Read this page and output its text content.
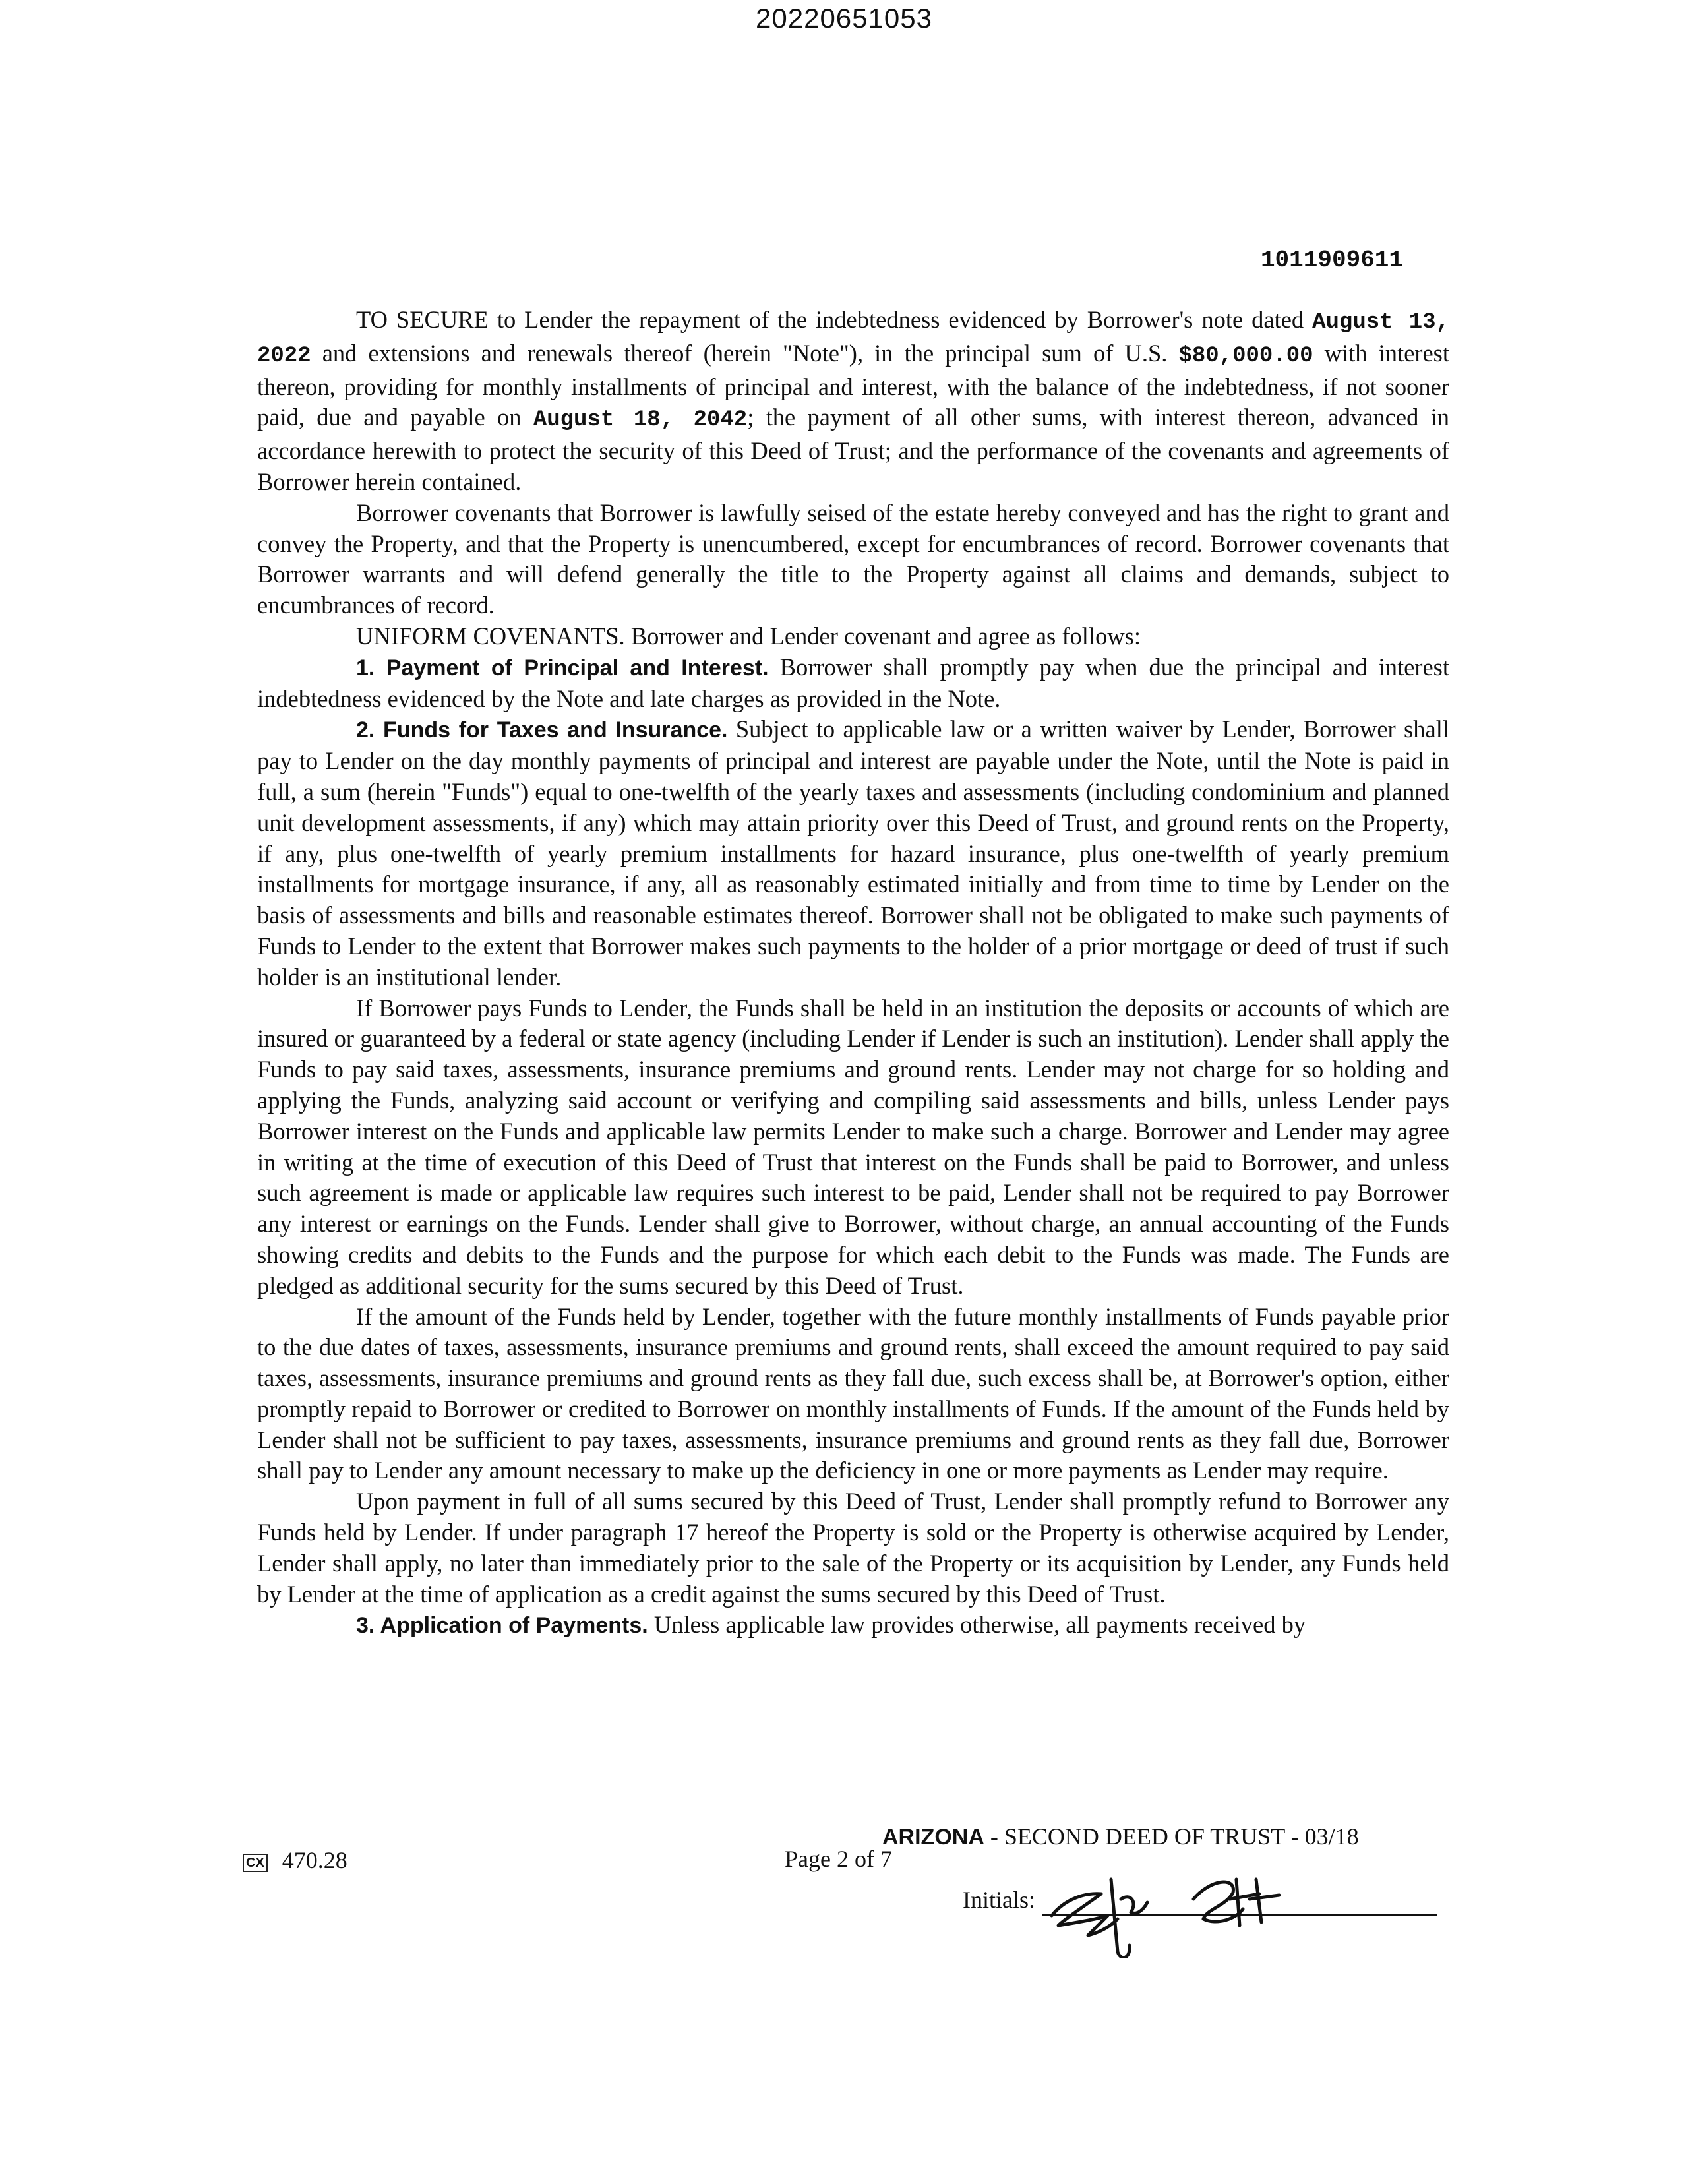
20220651053
1011909611

TO SECURE to Lender the repayment of the indebtedness evidenced by Borrower's note dated August 13, 2022 and extensions and renewals thereof (herein "Note"), in the principal sum of U.S. $80,000.00 with interest thereon, providing for monthly installments of principal and interest, with the balance of the indebtedness, if not sooner paid, due and payable on August 18, 2042; the payment of all other sums, with interest thereon, advanced in accordance herewith to protect the security of this Deed of Trust; and the performance of the covenants and agreements of Borrower herein contained.

Borrower covenants that Borrower is lawfully seised of the estate hereby conveyed and has the right to grant and convey the Property, and that the Property is unencumbered, except for encumbrances of record. Borrower covenants that Borrower warrants and will defend generally the title to the Property against all claims and demands, subject to encumbrances of record.

UNIFORM COVENANTS. Borrower and Lender covenant and agree as follows:

1. Payment of Principal and Interest. Borrower shall promptly pay when due the principal and interest indebtedness evidenced by the Note and late charges as provided in the Note.

2. Funds for Taxes and Insurance. Subject to applicable law or a written waiver by Lender, Borrower shall pay to Lender on the day monthly payments of principal and interest are payable under the Note, until the Note is paid in full, a sum (herein "Funds") equal to one-twelfth of the yearly taxes and assessments (including condominium and planned unit development assessments, if any) which may attain priority over this Deed of Trust, and ground rents on the Property, if any, plus one-twelfth of yearly premium installments for hazard insurance, plus one-twelfth of yearly premium installments for mortgage insurance, if any, all as reasonably estimated initially and from time to time by Lender on the basis of assessments and bills and reasonable estimates thereof. Borrower shall not be obligated to make such payments of Funds to Lender to the extent that Borrower makes such payments to the holder of a prior mortgage or deed of trust if such holder is an institutional lender.

If Borrower pays Funds to Lender, the Funds shall be held in an institution the deposits or accounts of which are insured or guaranteed by a federal or state agency (including Lender if Lender is such an institution). Lender shall apply the Funds to pay said taxes, assessments, insurance premiums and ground rents. Lender may not charge for so holding and applying the Funds, analyzing said account or verifying and compiling said assessments and bills, unless Lender pays Borrower interest on the Funds and applicable law permits Lender to make such a charge. Borrower and Lender may agree in writing at the time of execution of this Deed of Trust that interest on the Funds shall be paid to Borrower, and unless such agreement is made or applicable law requires such interest to be paid, Lender shall not be required to pay Borrower any interest or earnings on the Funds. Lender shall give to Borrower, without charge, an annual accounting of the Funds showing credits and debits to the Funds and the purpose for which each debit to the Funds was made. The Funds are pledged as additional security for the sums secured by this Deed of Trust.

If the amount of the Funds held by Lender, together with the future monthly installments of Funds payable prior to the due dates of taxes, assessments, insurance premiums and ground rents, shall exceed the amount required to pay said taxes, assessments, insurance premiums and ground rents as they fall due, such excess shall be, at Borrower's option, either promptly repaid to Borrower or credited to Borrower on monthly installments of Funds. If the amount of the Funds held by Lender shall not be sufficient to pay taxes, assessments, insurance premiums and ground rents as they fall due, Borrower shall pay to Lender any amount necessary to make up the deficiency in one or more payments as Lender may require.

Upon payment in full of all sums secured by this Deed of Trust, Lender shall promptly refund to Borrower any Funds held by Lender. If under paragraph 17 hereof the Property is sold or the Property is otherwise acquired by Lender, Lender shall apply, no later than immediately prior to the sale of the Property or its acquisition by Lender, any Funds held by Lender at the time of application as a credit against the sums secured by this Deed of Trust.

3. Application of Payments. Unless applicable law provides otherwise, all payments received by

CX 470.28
ARIZONA - SECOND DEED OF TRUST - 03/18
Page 2 of 7
Initials:
